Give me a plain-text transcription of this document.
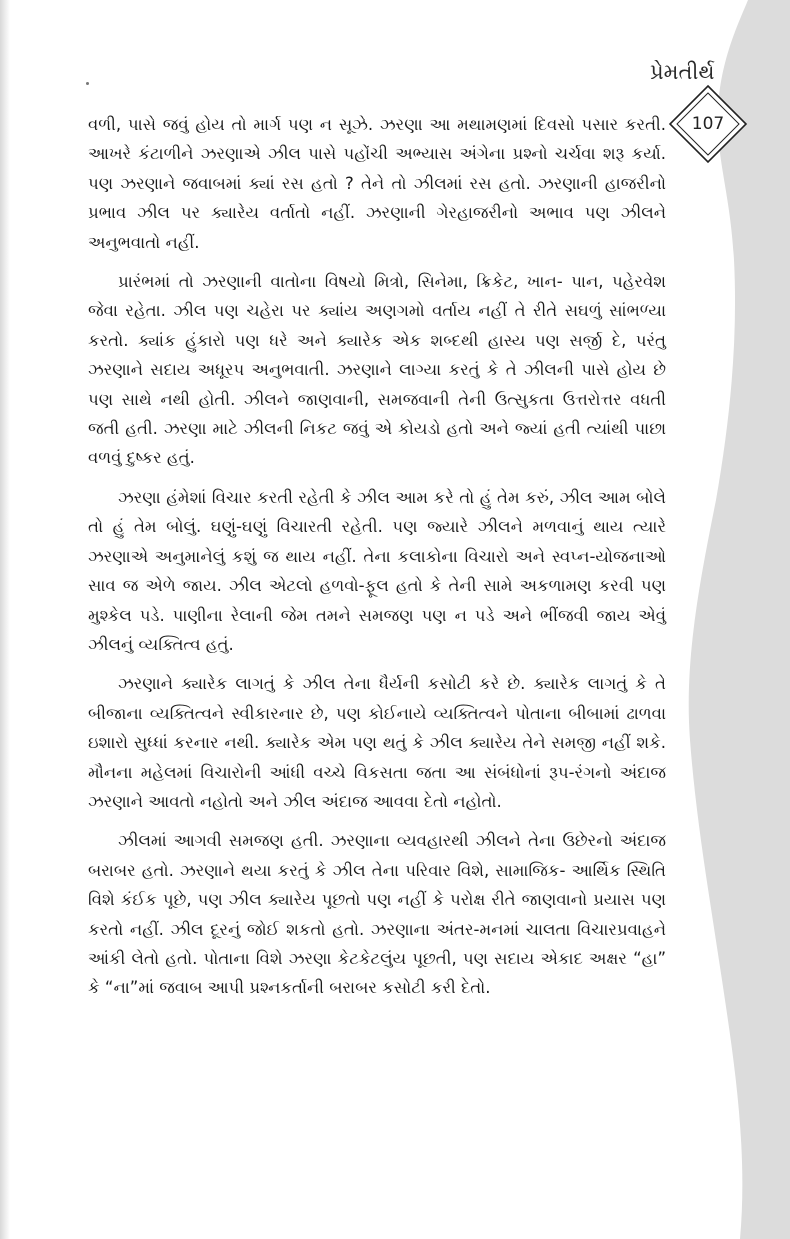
પ્રેમતીર્થ
107

વળી, પાસે જવું હોય તો માર્ગ પણ ન સૂઝે. ઝરણા આ મથામણમાં દિવસો પસાર કરતી. આખરે કંટાળીને ઝરણાએ ઝીલ પાસે પહોંચી અભ્યાસ અંગેના પ્રશ્નો ચર્ચવા શરૂ કર્યા. પણ ઝરણાને જવાબમાં ક્યાં રસ હતો ? તેને તો ઝીલમાં રસ હતો. ઝરણાની હાજરીનો પ્રભાવ ઝીલ પર ક્યારેય વર્તાતો નહીં. ઝરણાની ગેરહાજરીનો અભાવ પણ ઝીલને અનુભવાતો નહીં.

પ્રારંભમાં તો ઝરણાની વાતોના વિષયો મિત્રો, સિનેમા, ક્રિકેટ, ખાન- પાન, પહેરવેશ જેવા રહેતા. ઝીલ પણ ચહેરા પર ક્યાંય અણગમો વર્તાય નહીં તે રીતે સઘળું સાંભળ્યા કરતો. ક્યાંક હુંકારો પણ ધરે અને ક્યારેક એક શબ્દથી હાસ્ય પણ સર્જી દે, પરંતુ ઝરણાને સદાય અધૂરપ અનુભવાતી. ઝરણાને લાગ્યા કરતું કે તે ઝીલની પાસે હોય છે પણ સાથે નથી હોતી. ઝીલને જાણવાની, સમજવાની તેની ઉત્સુકતા ઉત્તરોત્તર વધતી જતી હતી. ઝરણા માટે ઝીલની નિકટ જવું એ કોયડો હતો અને જ્યાં હતી ત્યાંથી પાછા વળવું દુષ્કર હતું.

ઝરણા હંમેશાં વિચાર કરતી રહેતી કે ઝીલ આમ કરે તો હું તેમ કરું, ઝીલ આમ બોલે તો હું તેમ બોલું. ઘણું-ઘણું વિચારતી રહેતી. પણ જ્યારે ઝીલને મળવાનું થાય ત્યારે ઝરણાએ અનુમાનેલું કશું જ થાય નહીં. તેના કલાકોના વિચારો અને સ્વપ્ન-યોજનાઓ સાવ જ એળે જાય. ઝીલ એટલો હળવો-ફૂલ હતો કે તેની સામે અકળામણ કરવી પણ મુશ્કેલ પડે. પાણીના રેલાની જેમ તમને સમજણ પણ ન પડે અને ભીંજવી જાય એવું ઝીલનું વ્યક્તિત્વ હતું.

ઝરણાને ક્યારેક લાગતું કે ઝીલ તેના ધૈર્યની કસોટી કરે છે. ક્યારેક લાગતું કે તે બીજાના વ્યક્તિત્વને સ્વીકારનાર છે, પણ કોઈનાયે વ્યક્તિત્વને પોતાના બીબામાં ઢાળવા ઇશારો સુધ્ધાં કરનાર નથી. ક્યારેક એમ પણ થતું કે ઝીલ ક્યારેય તેને સમજી નહીં શકે. મૌનના મહેલમાં વિચારોની આંધી વચ્ચે વિકસતા જતા આ સંબંધોનાં રૂપ-રંગનો અંદાજ ઝરણાને આવતો નહોતો અને ઝીલ અંદાજ આવવા દેતો નહોતો.

ઝીલમાં આગવી સમજણ હતી. ઝરણાના વ્યવહારથી ઝીલને તેના ઉછેરનો અંદાજ બરાબર હતો. ઝરણાને થયા કરતું કે ઝીલ તેના પરિવાર વિશે, સામાજિક- આર્થિક સ્થિતિ વિશે કંઈક પૂછે, પણ ઝીલ ક્યારેય પૂછતો પણ નહીં કે પરોક્ષ રીતે જાણવાનો પ્રયાસ પણ કરતો નહીં. ઝીલ દૂરનું જોઈ શકતો હતો. ઝરણાના અંતર-મનમાં ચાલતા વિચારપ્રવાહને આંકી લેતો હતો. પોતાના વિશે ઝરણા કેટકેટલુંય પૂછતી, પણ સદાય એકાદ અક્ષર “હા” કે “ના”માં જવાબ આપી પ્રશ્નકર્તાની બરાબર કસોટી કરી દેતો.
